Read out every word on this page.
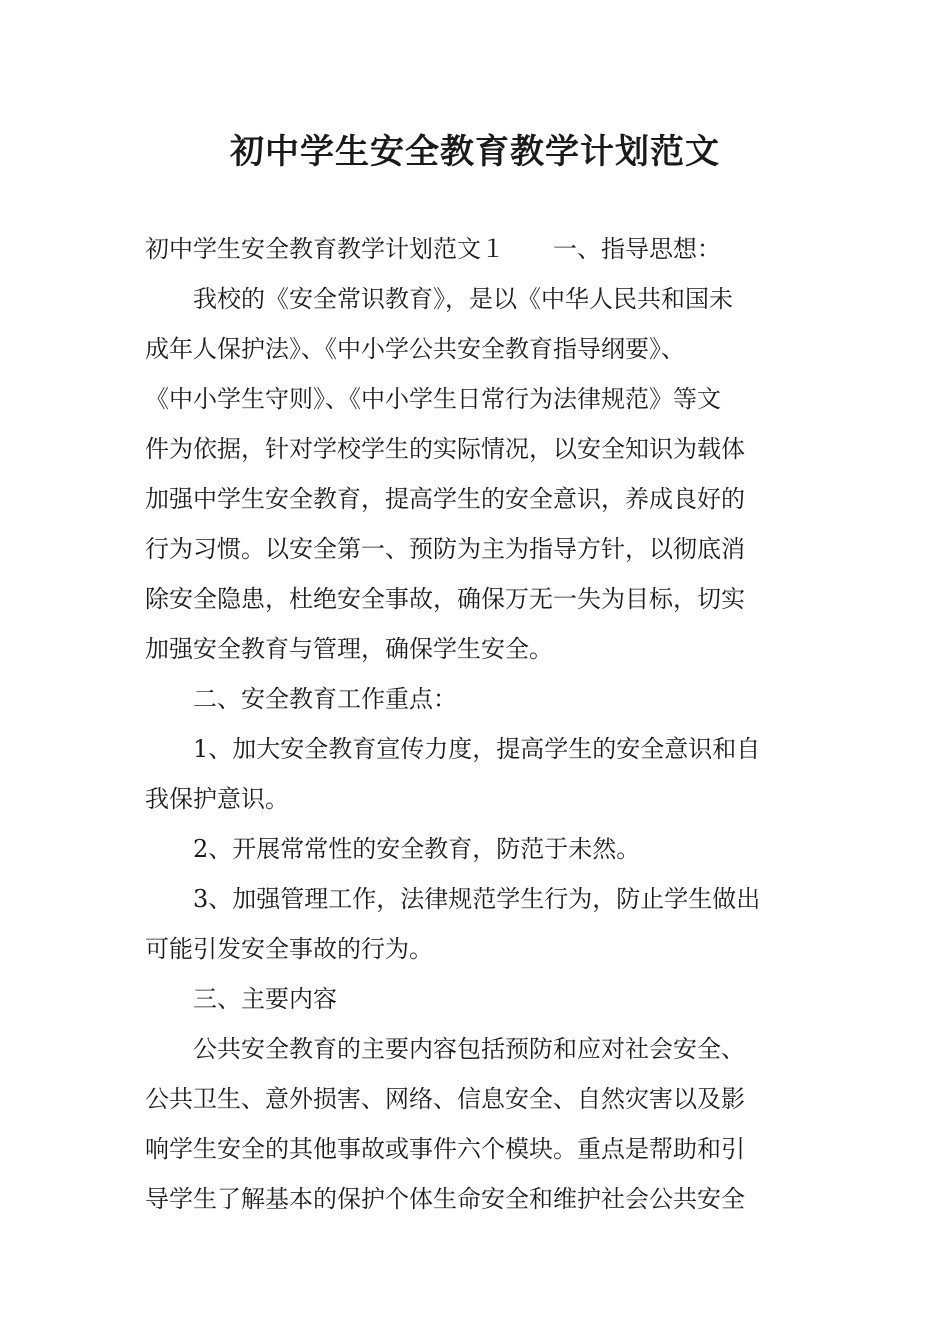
初中学生安全教育教学计划范文
初中学生安全教育教学计划范文１ 一、指导思想：
我校的《安全常识教育》，是以《中华人民共和国未
成年人保护法》、《中小学公共安全教育指导纲要》、
《中小学生守则》、《中小学生日常行为法律规范》等文
件为依据，针对学校学生的实际情况，以安全知识为载体
加强中学生安全教育，提高学生的安全意识，养成良好的
行为习惯。以安全第一、预防为主为指导方针，以彻底消
除安全隐患，杜绝安全事故，确保万无一失为目标，切实
加强安全教育与管理，确保学生安全。
二、安全教育工作重点：
1、加大安全教育宣传力度，提高学生的安全意识和自
我保护意识。
2、开展常常性的安全教育，防范于未然。
3、加强管理工作，法律规范学生行为，防止学生做出
可能引发安全事故的行为。
三、主要内容
公共安全教育的主要内容包括预防和应对社会安全、
公共卫生、意外损害、网络、信息安全、自然灾害以及影
响学生安全的其他事故或事件六个模块。重点是帮助和引
导学生了解基本的保护个体生命安全和维护社会公共安全
